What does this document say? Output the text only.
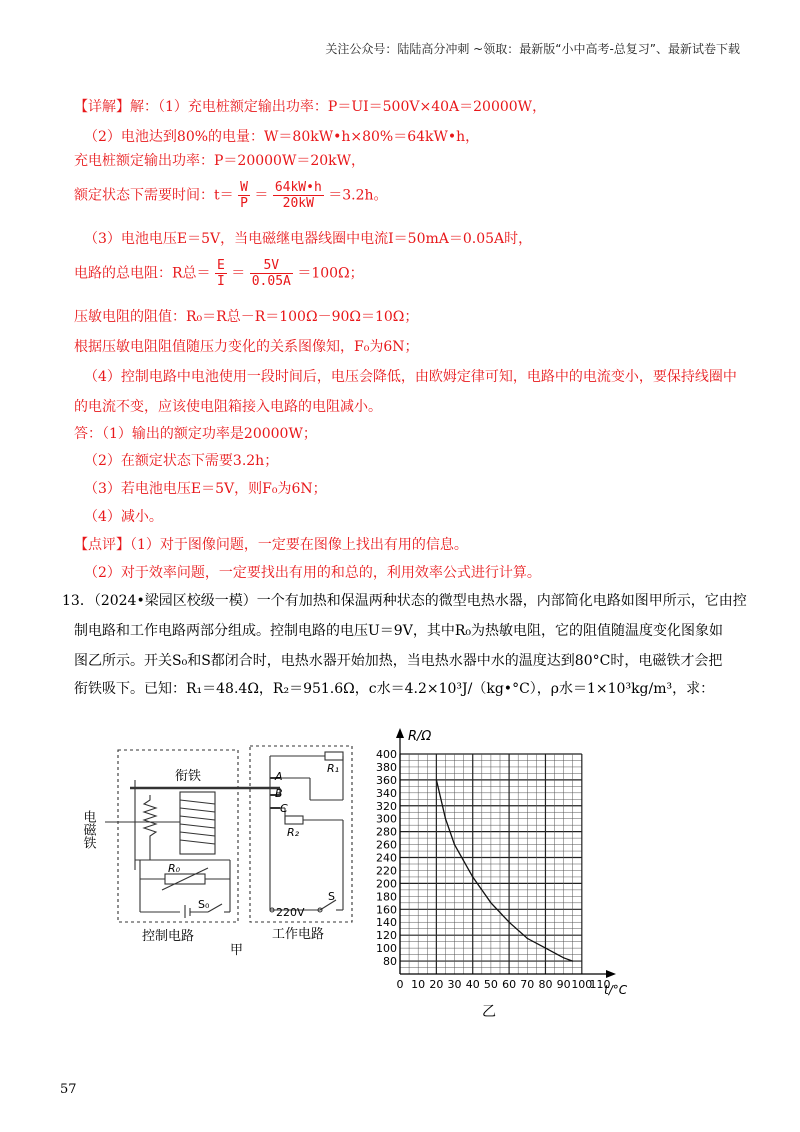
关注公众号：陆陆高分冲刺 ~领取：最新版“小中高考-总复习”、最新试卷下载
【详解】解：（1）充电桩额定输出功率：P＝UI＝500V×40A＝20000W，
（2）电池达到80%的电量：W＝80kW•h×80%＝64kW•h，
充电桩额定输出功率：P＝20000W＝20kW，
额定状态下需要时间：$t= \frac{W}{P} = \frac{64kW•h}{20kW} =3.2h$。
（3）电池电压E＝5V，当电磁继电器线圈中电流I＝50mA＝0.05A时，
电路的总电阻：R总＝ $\frac{E}{I} = \frac{5V}{0.05A} =100\Omega$；
压敏电阻的阻值：R₀＝R总－R＝100Ω－90Ω＝10Ω；
根据压敏电阻阻值随压力变化的关系图像知，F₀为6N；
（4）控制电路中电池使用一段时间后，电压会降低，由欧姆定律可知，电路中的电流变小，要保持线圈中
的电流不变，应该使电阻箱接入电路的电阻减小。
答：（1）输出的额定功率是20000W；
（2）在额定状态下需要3.2h；
（3）若电池电压E＝5V，则F₀为6N；
（4）减小。
【点评】（1）对于图像问题，一定要在图像上找出有用的信息。
（2）对于效率问题，一定要找出有用的和总的，利用效率公式进行计算。
13．（2024•梁园区校级一模）一个有加热和保温两种状态的微型电热水器，内部简化电路如图甲所示，它由控
制电路和工作电路两部分组成。控制电路的电压U＝9V，其中R₀为热敏电阻，它的阻值随温度变化图象如
图乙所示。开关S₀和S都闭合时，电热水器开始加热，当电热水器中水的温度达到80°C时，电磁铁才会把
衔铁吸下。已知：R₁＝48.4Ω，R₂＝951.6Ω，c水＝4.2×10³J/（kg•°C），ρ水＝1×10³kg/m³，求：
衔铁
电磁铁
R₀
S₀
A
B
C
R₁
R₂
220V
S
控制电路	工作电路
甲
80
100
120
140
160
180
200
220
240
260
280
300
320
340
360
380
400
0 10 20 30 40 50 60 70 80 90 100
110
R/Ω
t/°C
乙
57
